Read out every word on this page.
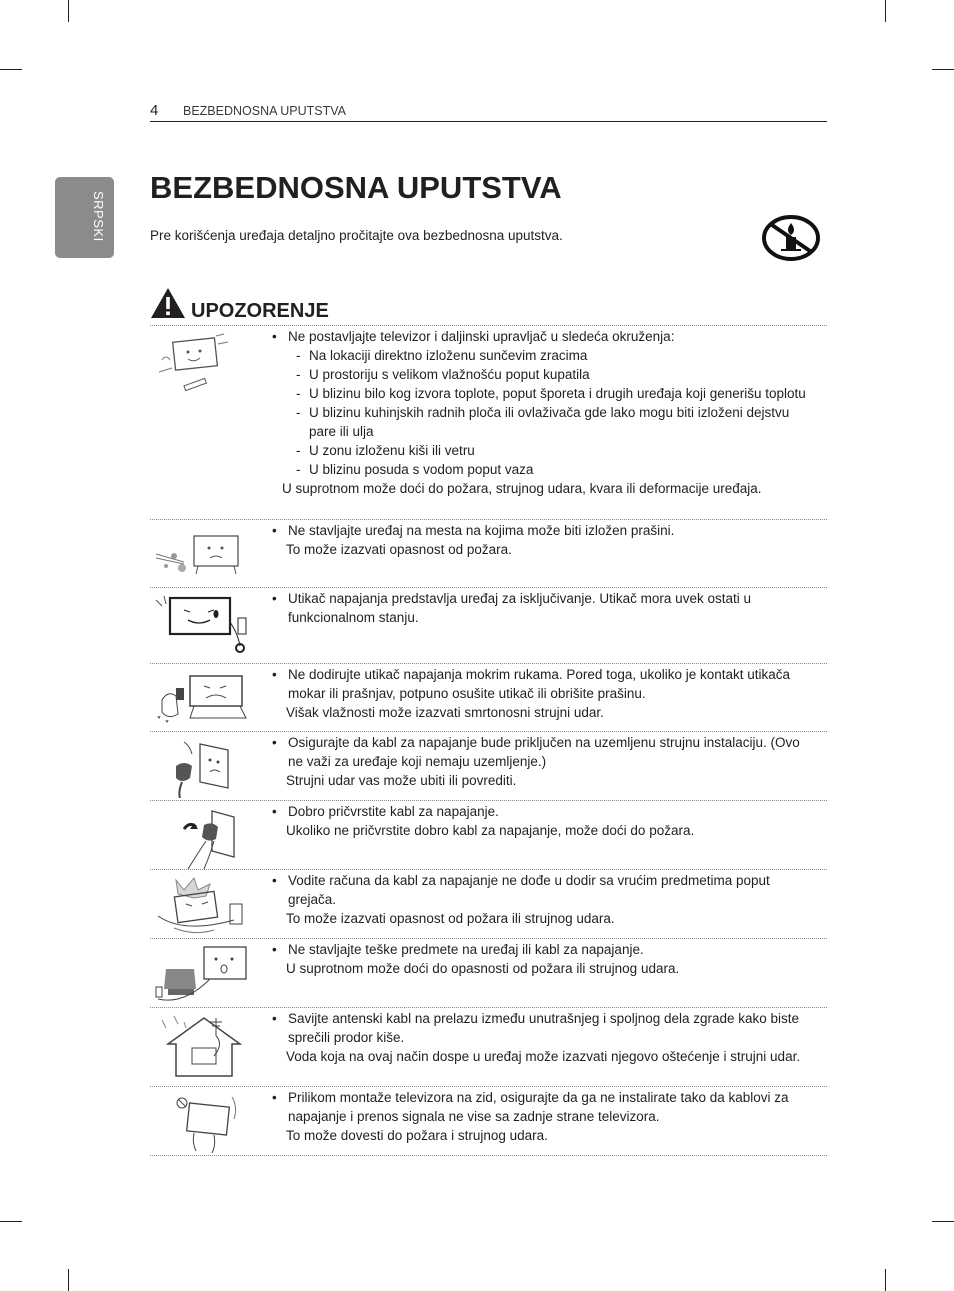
4 BEZBEDNOSNA UPUTSTVA
SRPSKI
BEZBEDNOSNA UPUTSTVA
Pre korišćenja uređaja detaljno pročitajte ova bezbednosna uputstva.
UPOZORENJE
• Ne postavljajte televizor i daljinski upravljač u sledeća okruženja:
- Na lokaciji direktno izloženu sunčevim zracima
- U prostoriju s velikom vlažnošću poput kupatila
- U blizinu bilo kog izvora toplote, poput šporeta i drugih uređaja koji generišu toplotu
- U blizinu kuhinjskih radnih ploča ili ovlaživača gde lako mogu biti izloženi dejstvu pare ili ulja
- U zonu izloženu kiši ili vetru
- U blizinu posuda s vodom poput vaza
U suprotnom može doći do požara, strujnog udara, kvara ili deformacije uređaja.
• Ne stavljajte uređaj na mesta na kojima može biti izložen prašini.
To može izazvati opasnost od požara.
• Utikač napajanja predstavlja uređaj za isključivanje. Utikač mora uvek ostati u funkcionalnom stanju.
• Ne dodirujte utikač napajanja mokrim rukama. Pored toga, ukoliko je kontakt utikača mokar ili prašnjav, potpuno osušite utikač ili obrišite prašinu.
Višak vlažnosti može izazvati smrtonosni strujni udar.
• Osigurajte da kabl za napajanje bude priključen na uzemljenu strujnu instalaciju. (Ovo ne važi za uređaje koji nemaju uzemljenje.)
Strujni udar vas može ubiti ili povrediti.
• Dobro pričvrstite kabl za napajanje.
Ukoliko ne pričvrstite dobro kabl za napajanje, može doći do požara.
• Vodite računa da kabl za napajanje ne dođe u dodir sa vrućim predmetima poput grejača.
To može izazvati opasnost od požara ili strujnog udara.
• Ne stavljajte teške predmete na uređaj ili kabl za napajanje.
U suprotnom može doći do opasnosti od požara ili strujnog udara.
• Savijte antenski kabl na prelazu između unutrašnjeg i spoljnog dela zgrade kako biste sprečili prodor kiše.
Voda koja na ovaj način dospe u uređaj može izazvati njegovo oštećenje i strujni udar.
• Prilikom montaže televizora na zid, osigurajte da ga ne instalirate tako da kablovi za napajanje i prenos signala ne vise sa zadnje strane televizora.
To može dovesti do požara i strujnog udara.
